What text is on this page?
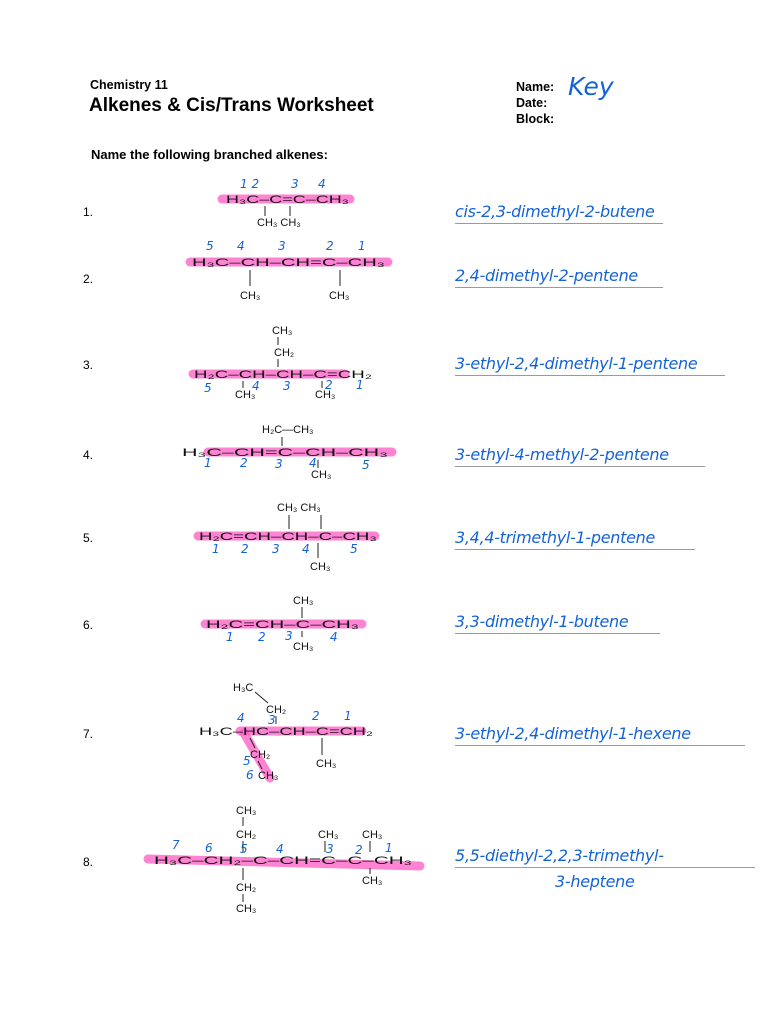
Chemistry 11
Alkenes & Cis/Trans Worksheet
Name:
Date:
Block:
Key
Name the following branched alkenes:
1.
2.
3.
4.
5.
6.
7.
8.
cis-2,3-dimethyl-2-butene
2,4-dimethyl-2-pentene
3-ethyl-2,4-dimethyl-1-pentene
3-ethyl-4-methyl-2-pentene
3,4,4-trimethyl-1-pentene
3,3-dimethyl-1-butene
3-ethyl-2,4-dimethyl-1-hexene
5,5-diethyl-2,2,3-trimethyl-
3-heptene
1 2	3 4
H₃C–C=C–CH₃
CH₃ CH₃
5 4	3	2 1
H₃C–CH–CH=C–CH₃
CH₃	CH₃
CH₃
CH₂
H₂C–CH–CH–C=CH₂
CH₃	CH₃
5	4 3	2 1
H₂C—CH₃
H₃C–CH=C–CH–CH₃
CH₃
1 2 3 4	5
CH₃ CH₃
H₂C=CH–CH–C–CH₃
CH₃
1 2 3 4	5
CH₃
H₂C=CH–C–CH₃
CH₃
1 2 3	4
H₃C
CH₂
H₃C–HC–CH–C=CH₂
CH₂
CH₃
CH₃
4 3	2 1
5
6
CH₃
CH₂	CH₃ CH₃
H₃C–CH₂–C–CH=C–C–CH₃
CH₂
CH₃
CH₃
7 6 5 4	3 2 1
